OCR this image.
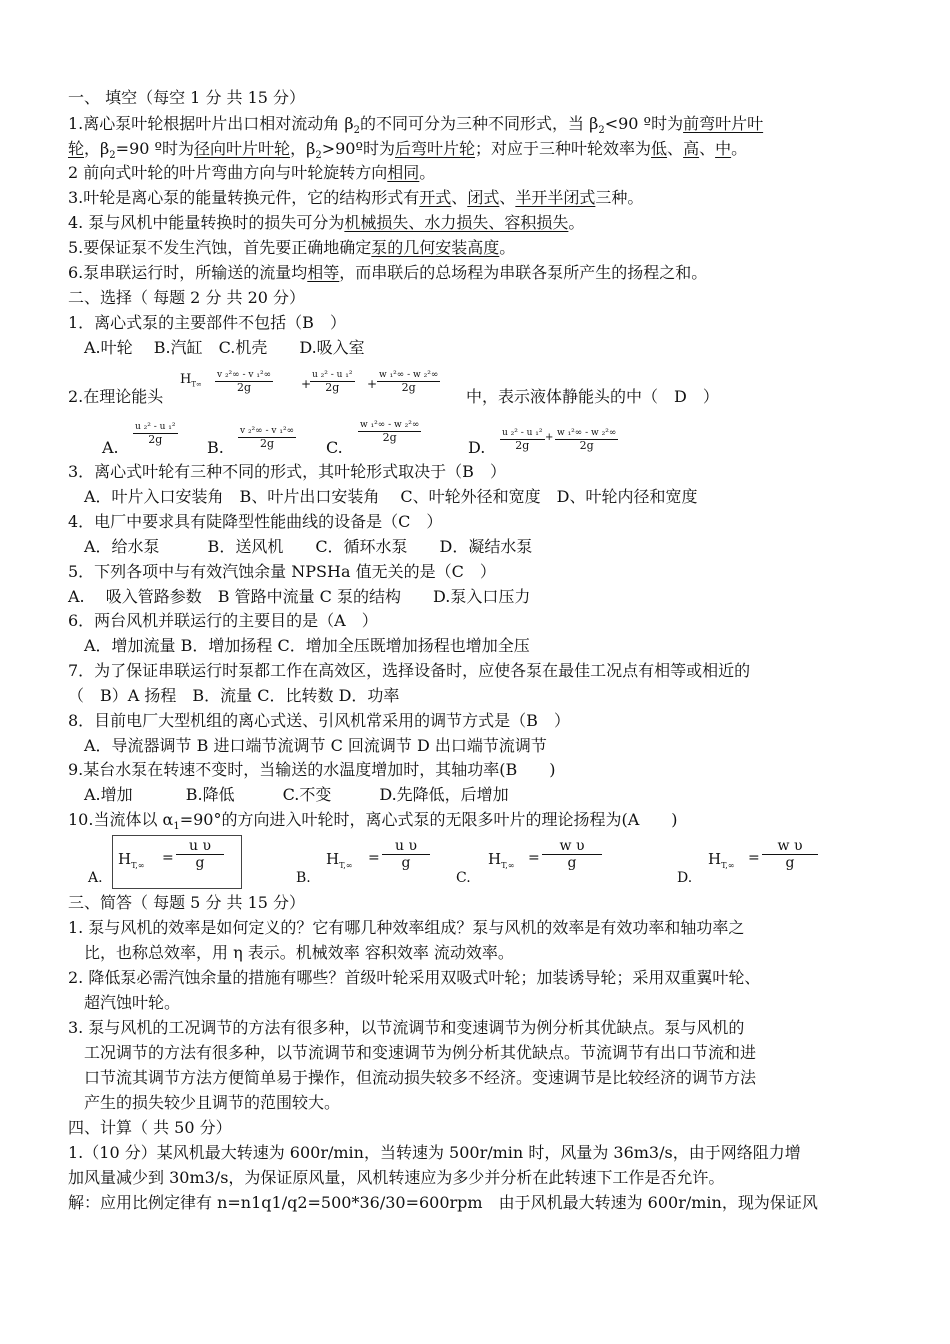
一、 填空（每空 1 分 共 15 分）
1.离心泵叶轮根据叶片出口相对流动角 $\beta_2$的不同可分为三种不同形式，当 $\beta_2<90$ º时为前弯叶片叶
轮，$\beta_2=90$ º时为径向叶片叶轮，$\beta_2>90º$时为后弯叶片轮；对应于三种叶轮效率为低、高、中。
2 前向式叶轮的叶片弯曲方向与叶轮旋转方向相同。
3.叶轮是离心泵的能量转换元件，它的结构形式有开式、闭式、半开半闭式三种。
4. 泵与风机中能量转换时的损失可分为机械损失、水力损失、容积损失。
5.要保证泵不发生汽蚀，首先要正确地确定泵的几何安装高度。
6.泵串联运行时，所输送的流量均相等，而串联后的总场程为串联各泵所产生的扬程之和。
二、选择（ 每题 2 分 共 20 分）
1．离心式泵的主要部件不包括（B　）
　A.叶轮　 B.汽缸　C.机壳　　D.吸入室
2.在理论能头
$H_{T\infty}$
v ₂²∞ - v ₁²∞
2g	+
u ₂² - u ₁²
2g	+
w ₁²∞ - w ₂²∞
2g	中，表示液体静能头的中（　D　）
A.
u ₂² - u ₁²
2g	B.
v ₂²∞ - v ₁²∞
2g	C.
w ₁²∞ - w ₂²∞
2g
D.
u ₂² - u ₁²
2g
+ w ₁²∞ - w ₂²∞
2g
3．离心式叶轮有三种不同的形式，其叶轮形式取决于（B　）
　A．叶片入口安装角　B、叶片出口安装角　 C、叶轮外径和宽度　D、叶轮内径和宽度
4．电厂中要求具有陡降型性能曲线的设备是（C　）
　A．给水泵　　　B．送风机　　C．循环水泵　　D．凝结水泵
5．下列各项中与有效汽蚀余量 NPSHa 值无关的是（C　）
A.　 吸入管路参数　B 管路中流量 C 泵的结构　　D.泵入口压力
6．两台风机并联运行的主要目的是（A　）
　A．增加流量 B．增加扬程 C．增加全压既增加扬程也增加全压
7．为了保证串联运行时泵都工作在高效区，选择设备时，应使各泵在最佳工况点有相等或相近的
（　B）A 扬程　B．流量 C．比转数 D．功率
8．目前电厂大型机组的离心式送、引风机常采用的调节方式是（B　）
　A．导流器调节 B 进口端节流调节 C 回流调节 D 出口端节流调节
9.某台水泵在转速不变时，当输送的水温度增加时，其轴功率(B　　)
　A.增加　　　 B.降低　　　C.不变　　　D.先降低，后增加
10.当流体以 $\alpha_1=90^\circ$的方向进入叶轮时，离心式泵的无限多叶片的理论扬程为(A　　)
A.
$H_{T,\infty} = \frac{\text{u υ}}{g}$
B.
$H_{T,\infty} = \frac{\text{u υ}}{g}$
C.
$H_{T,\infty} = \frac{\text{w υ}}{g}$
D.
$H_{T,\infty} = \frac{\text{w υ}}{g}$
三、简答（ 每题 5 分 共 15 分）
1. 泵与风机的效率是如何定义的？它有哪几种效率组成？泵与风机的效率是有效功率和轴功率之
　比，也称总效率，用 η 表示。机械效率 容积效率 流动效率。
2. 降低泵必需汽蚀余量的措施有哪些？首级叶轮采用双吸式叶轮；加装诱导轮；采用双重翼叶轮、
　超汽蚀叶轮。
3. 泵与风机的工况调节的方法有很多种，以节流调节和变速调节为例分析其优缺点。泵与风机的
　工况调节的方法有很多种，以节流调节和变速调节为例分析其优缺点。节流调节有出口节流和进
　口节流其调节方法方便简单易于操作，但流动损失较多不经济。变速调节是比较经济的调节方法
　产生的损失较少且调节的范围较大。
四、计算（ 共 50 分）
1.（10 分）某风机最大转速为 600r/min，当转速为 500r/min 时，风量为 36m3/s，由于网络阻力增
加风量减少到 30m3/s，为保证原风量，风机转速应为多少并分析在此转速下工作是否允许。
解：应用比例定律有 n=n1q1/q2=500*36/30=600rpm　由于风机最大转速为 600r/min，现为保证风
